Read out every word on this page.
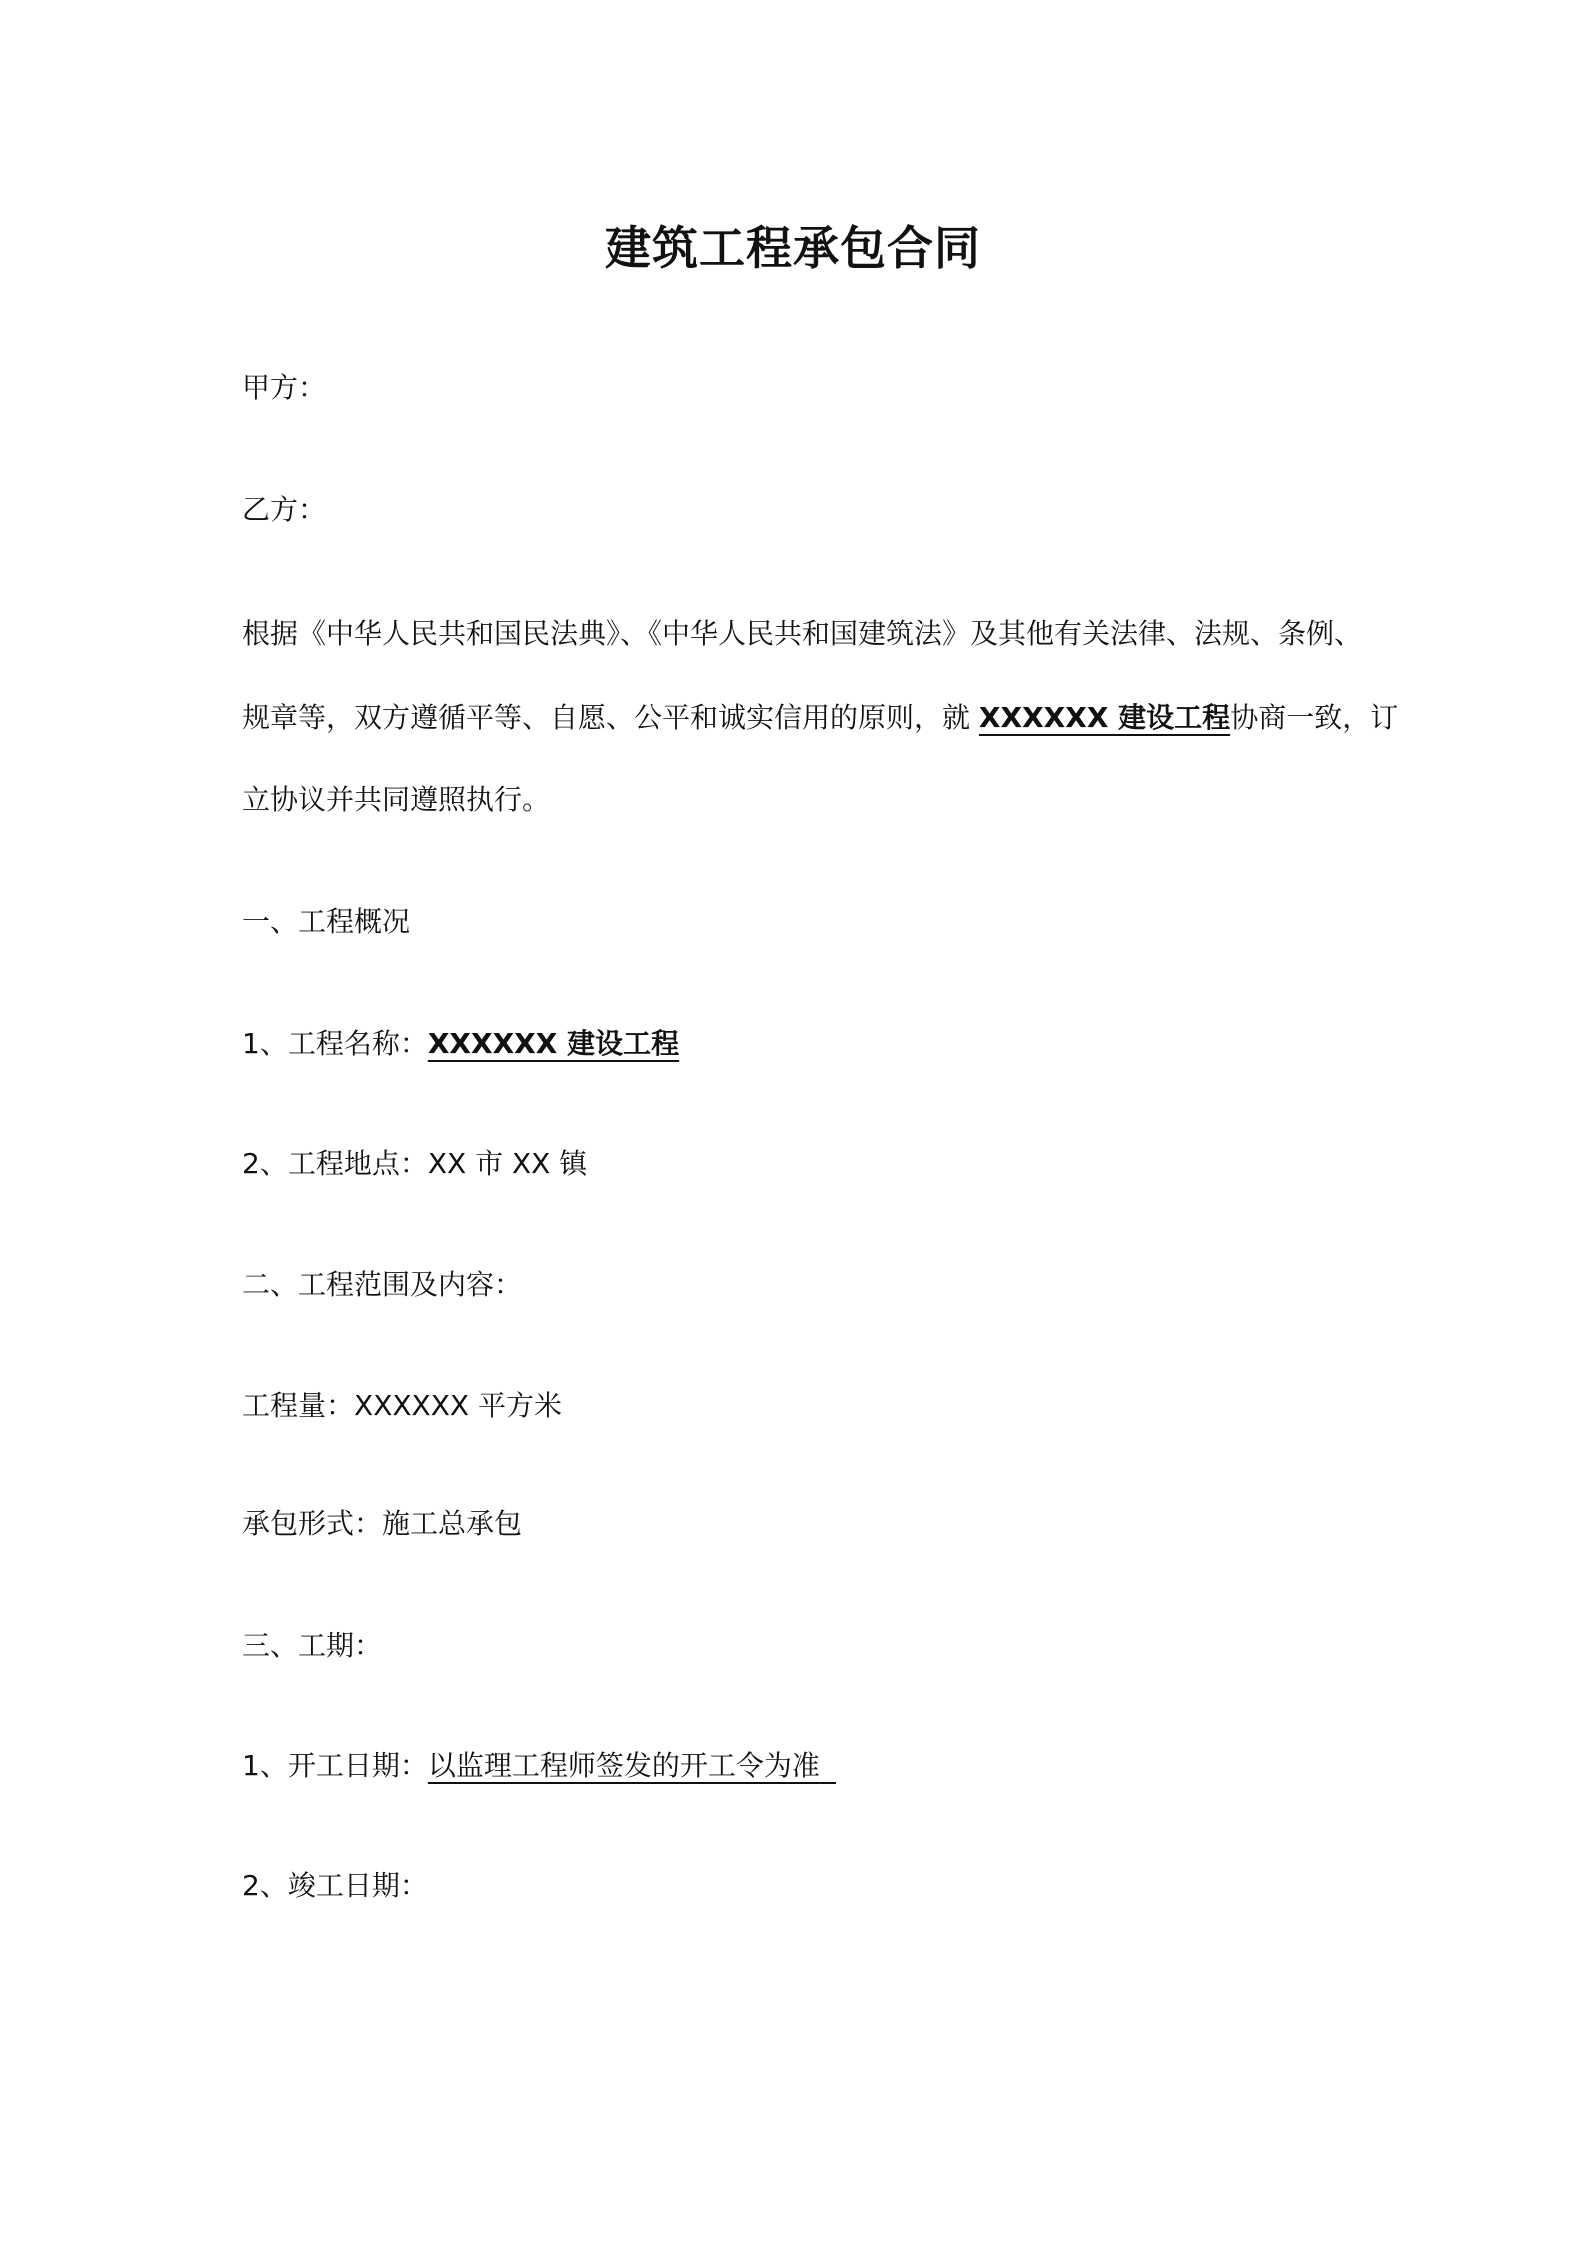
建筑工程承包合同
甲方：
乙方：
根据《中华人民共和国民法典》、《中华人民共和国建筑法》及其他有关法律、法规、条例、
规章等，双方遵循平等、自愿、公平和诚实信用的原则，就 XXXXXX 建设工程协商一致，订
立协议并共同遵照执行。
一、工程概况
1、工程名称：XXXXXX 建设工程
2、工程地点：XX 市 XX 镇
二、工程范围及内容：
工程量：XXXXXX 平方米
承包形式：施工总承包
三、工期：
1、开工日期：以监理工程师签发的开工令为准
2、竣工日期：
